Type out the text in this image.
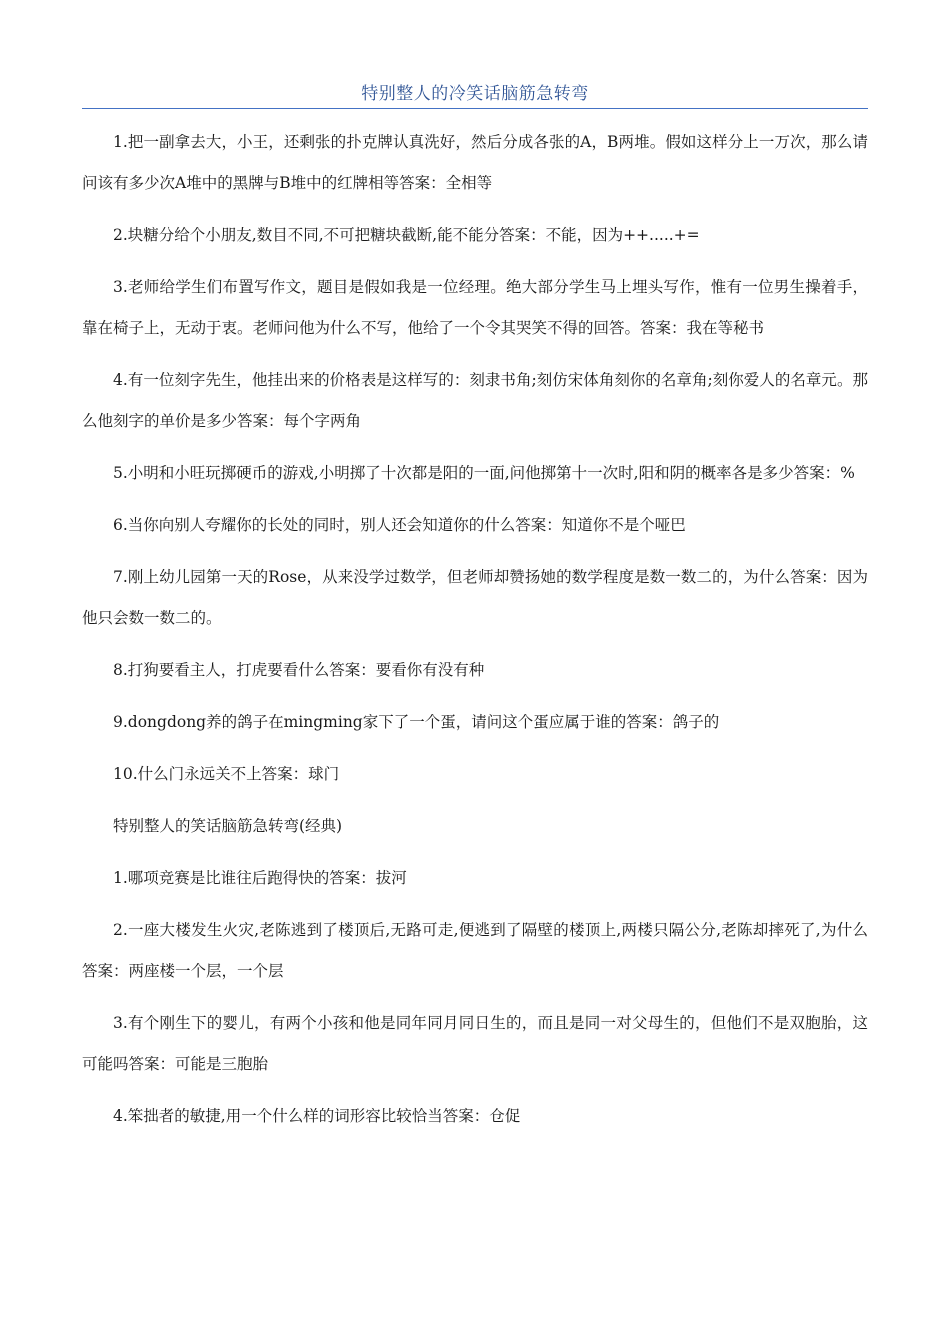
特别整人的冷笑话脑筋急转弯

1.把一副拿去大，小王，还剩张的扑克牌认真洗好，然后分成各张的A，B两堆。假如这样分上一万次，那么请问该有多少次A堆中的黑牌与B堆中的红牌相等答案：全相等

2.块糖分给个小朋友,数目不同,不可把糖块截断,能不能分答案：不能，因为++.....+=

3.老师给学生们布置写作文，题目是假如我是一位经理。绝大部分学生马上埋头写作，惟有一位男生操着手，靠在椅子上，无动于衷。老师问他为什么不写，他给了一个令其哭笑不得的回答。答案：我在等秘书

4.有一位刻字先生，他挂出来的价格表是这样写的：刻隶书角;刻仿宋体角刻你的名章角;刻你爱人的名章元。那么他刻字的单价是多少答案：每个字两角

5.小明和小旺玩掷硬币的游戏,小明掷了十次都是阳的一面,问他掷第十一次时,阳和阴的概率各是多少答案：%

6.当你向别人夸耀你的长处的同时，别人还会知道你的什么答案：知道你不是个哑巴

7.刚上幼儿园第一天的Rose，从来没学过数学，但老师却赞扬她的数学程度是数一数二的，为什么答案：因为他只会数一数二的。

8.打狗要看主人，打虎要看什么答案：要看你有没有种

9.dongdong养的鸽子在mingming家下了一个蛋，请问这个蛋应属于谁的答案：鸽子的

10.什么门永远关不上答案：球门

特别整人的笑话脑筋急转弯(经典)

1.哪项竞赛是比谁往后跑得快的答案：拔河

2.一座大楼发生火灾,老陈逃到了楼顶后,无路可走,便逃到了隔壁的楼顶上,两楼只隔公分,老陈却摔死了,为什么答案：两座楼一个层，一个层

3.有个刚生下的婴儿，有两个小孩和他是同年同月同日生的，而且是同一对父母生的，但他们不是双胞胎，这可能吗答案：可能是三胞胎

4.笨拙者的敏捷,用一个什么样的词形容比较恰当答案：仓促
